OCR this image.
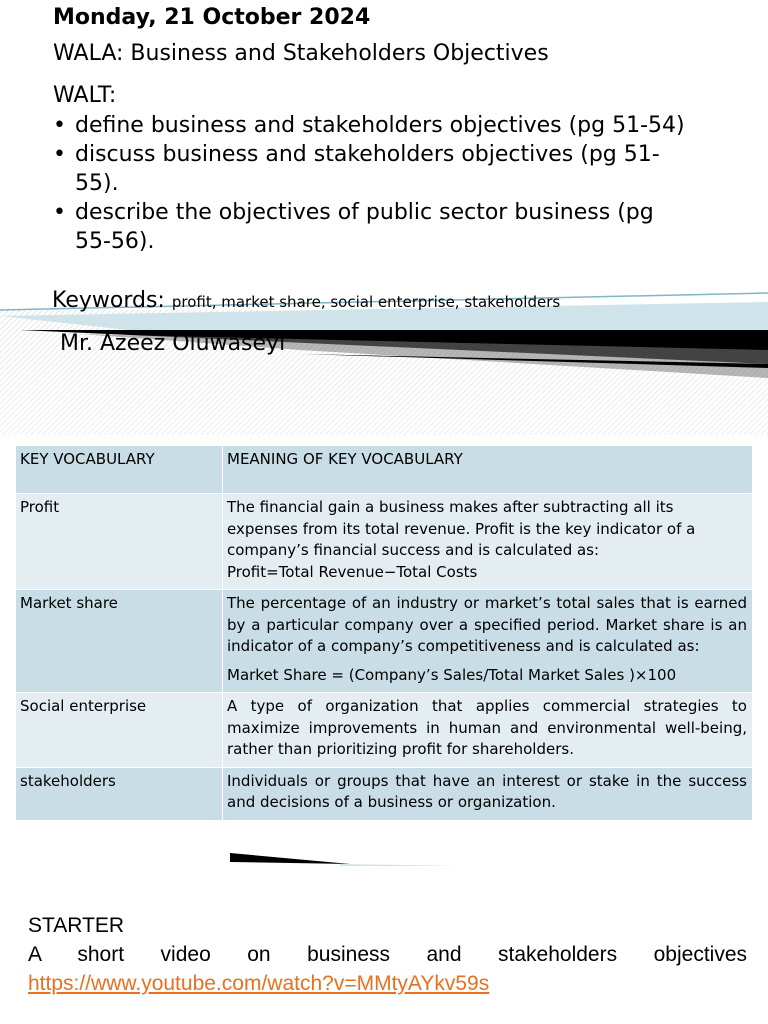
Monday, 21 October 2024
WALA: Business and Stakeholders Objectives
WALT:
• define business and stakeholders objectives (pg 51-54)
• discuss business and stakeholders objectives (pg 51-55).
• describe the objectives of public sector business (pg 55-56).
Keywords: profit, market share, social enterprise, stakeholders
Mr. Azeez Oluwaseyi
KEY VOCABULARY	MEANING OF KEY VOCABULARY
Profit	The financial gain a business makes after subtracting all its expenses from its total revenue. Profit is the key indicator of a company’s financial success and is calculated as:

Profit=Total Revenue−Total Costs

Market share	The percentage of an industry or market’s total sales that is earned by a particular company over a specified period. Market share is an indicator of a company’s competitiveness and is calculated as:

Market Share = (Company’s Sales/Total Market Sales )×100

Social enterprise	A type of organization that applies commercial strategies to maximize improvements in human and environmental well-being, rather than prioritizing profit for shareholders.
stakeholders	Individuals or groups that have an interest or stake in the success and decisions of a business or organization.
STARTER
A short video on business and stakeholders objectives
https://www.youtube.com/watch?v=MMtyAYkv59s
